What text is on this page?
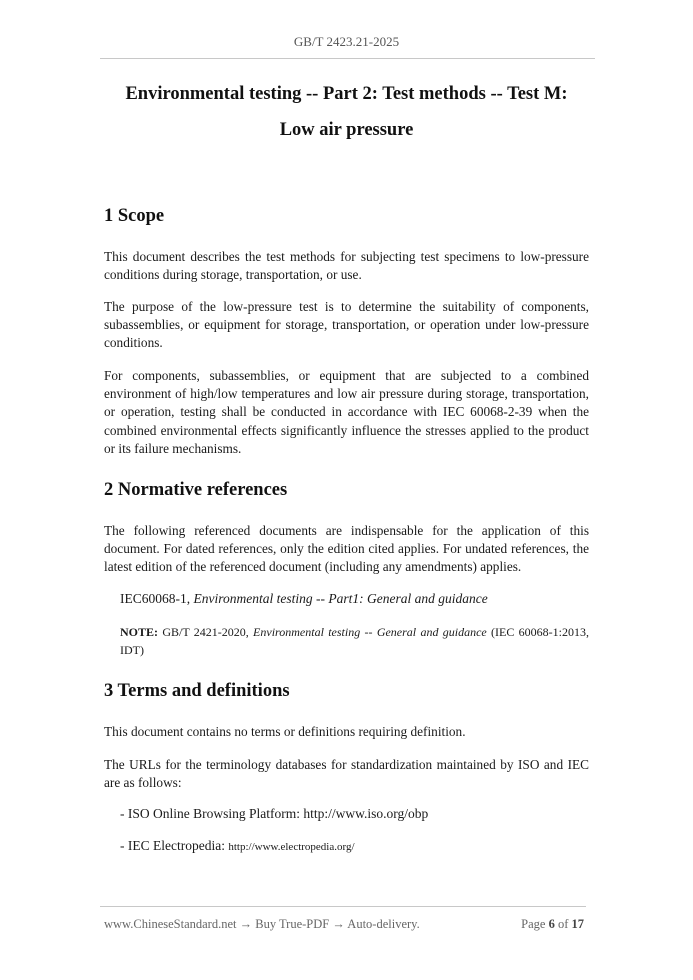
GB/T 2423.21-2025
Environmental testing -- Part 2: Test methods -- Test M:
Low air pressure
1 Scope
This document describes the test methods for subjecting test specimens to low-pressure conditions during storage, transportation, or use.
The purpose of the low-pressure test is to determine the suitability of components, subassemblies, or equipment for storage, transportation, or operation under low-pressure conditions.
For components, subassemblies, or equipment that are subjected to a combined environment of high/low temperatures and low air pressure during storage, transportation, or operation, testing shall be conducted in accordance with IEC 60068-2-39 when the combined environmental effects significantly influence the stresses applied to the product or its failure mechanisms.
2 Normative references
The following referenced documents are indispensable for the application of this document. For dated references, only the edition cited applies. For undated references, the latest edition of the referenced document (including any amendments) applies.
IEC60068-1, Environmental testing -- Part1: General and guidance
NOTE: GB/T 2421-2020, Environmental testing -- General and guidance (IEC 60068-1:2013, IDT)
3 Terms and definitions
This document contains no terms or definitions requiring definition.
The URLs for the terminology databases for standardization maintained by ISO and IEC are as follows:
- ISO Online Browsing Platform: http://www.iso.org/obp
- IEC Electropedia: http://www.electropedia.org/
www.ChineseStandard.net → Buy True-PDF → Auto-delivery.	Page 6 of 17
